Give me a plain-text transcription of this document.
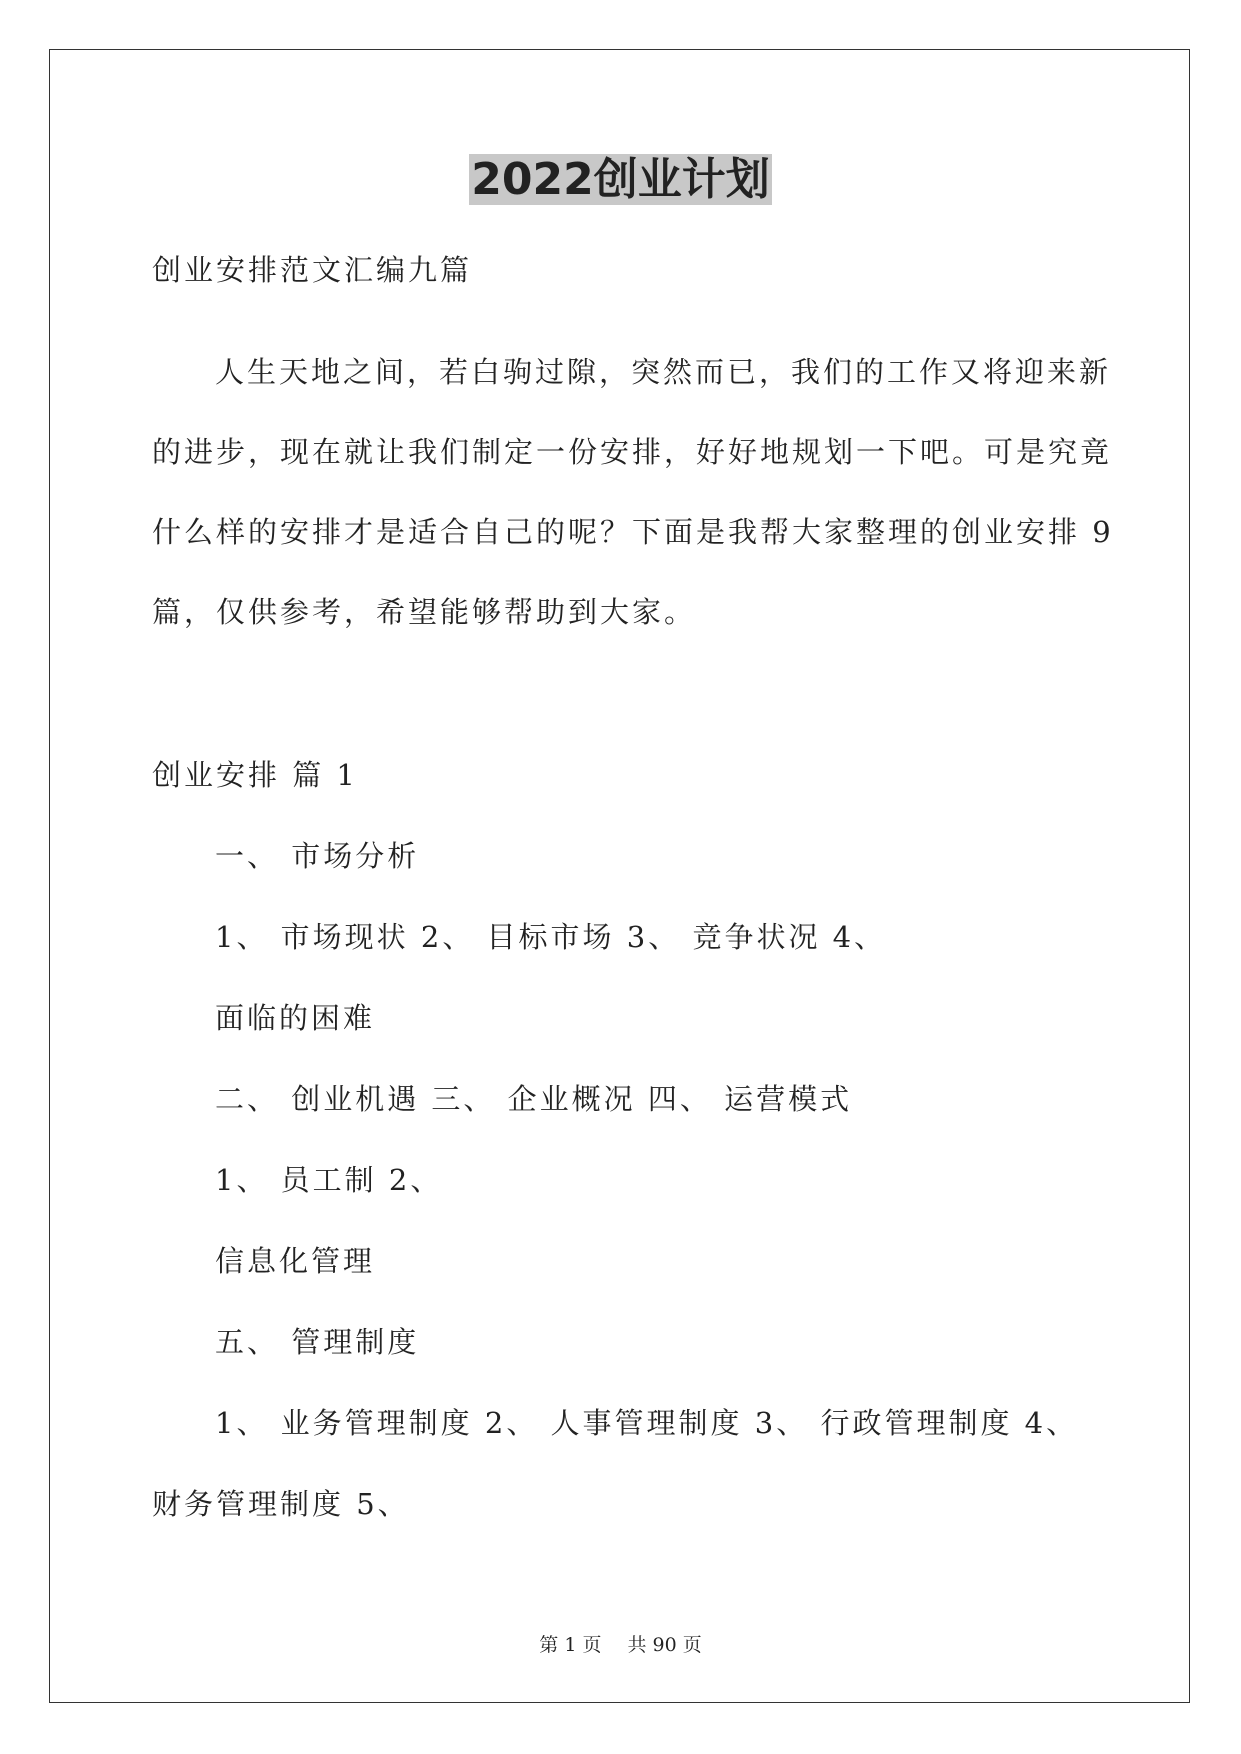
2022创业计划
创业安排范文汇编九篇
人生天地之间，若白驹过隙，突然而已，我们的工作又将迎来新
的进步，现在就让我们制定一份安排，好好地规划一下吧。可是究竟
什么样的安排才是适合自己的呢？下面是我帮大家整理的创业安排 9
篇，仅供参考，希望能够帮助到大家。
创业安排 篇 1
一、 市场分析
1、 市场现状 2、 目标市场 3、 竞争状况 4、
面临的困难
二、 创业机遇 三、 企业概况 四、 运营模式
1、 员工制 2、
信息化管理
五、 管理制度
1、 业务管理制度 2、 人事管理制度 3、 行政管理制度 4、
财务管理制度 5、
第 1 页 共 90 页
